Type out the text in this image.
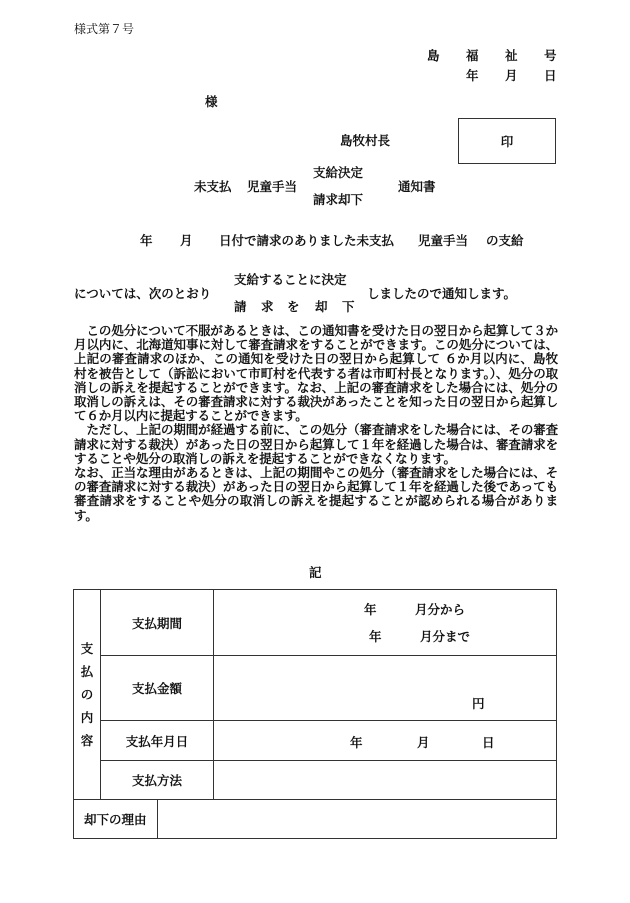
様式第７号
島 福 祉 号
年 月 日
様
島牧村長	印
未支払 児童手当
支給決定
請求却下
通知書
年 月 日付で請求のありました未支払 児童手当 の支給
については、次のとおり
支給することに決定
請 求 を 却 下
しましたので通知します。

この処分について不服があるときは、この通知書を受けた日の翌日から起算して３か月以内に、北海道知事に対して審査請求をすることができます。この処分については、上記の審査請求のほか、この通知を受けた日の翌日から起算して ６か月以内に、島牧村を被告として（訴訟において市町村を代表する者は市町村長となります。）、処分の取消しの訴えを提起することができます。なお、上記の審査請求をした場合には、処分の取消しの訴えは、その審査請求に対する裁決があったことを知った日の翌日から起算して６か月以内に提起することができます。

ただし、上記の期間が経過する前に、この処分（審査請求をした場合には、その審査請求に対する裁決）があった日の翌日から起算して１年を経過した場合は、審査請求をすることや処分の取消しの訴えを提起することができなくなります。

なお、正当な理由があるときは、上記の期間やこの処分（審査請求をした場合には、その審査請求に対する裁決）があった日の翌日から起算して１年を経過した後であっても審査請求をすることや処分の取消しの訴えを提起することが認められる場合があります。

記
支
払
の
内
容	支払期間		年 月分から
年 月分まで

	支払金額		円

	支払年月日		年 月 日

	支払方法		
却下の理由			
